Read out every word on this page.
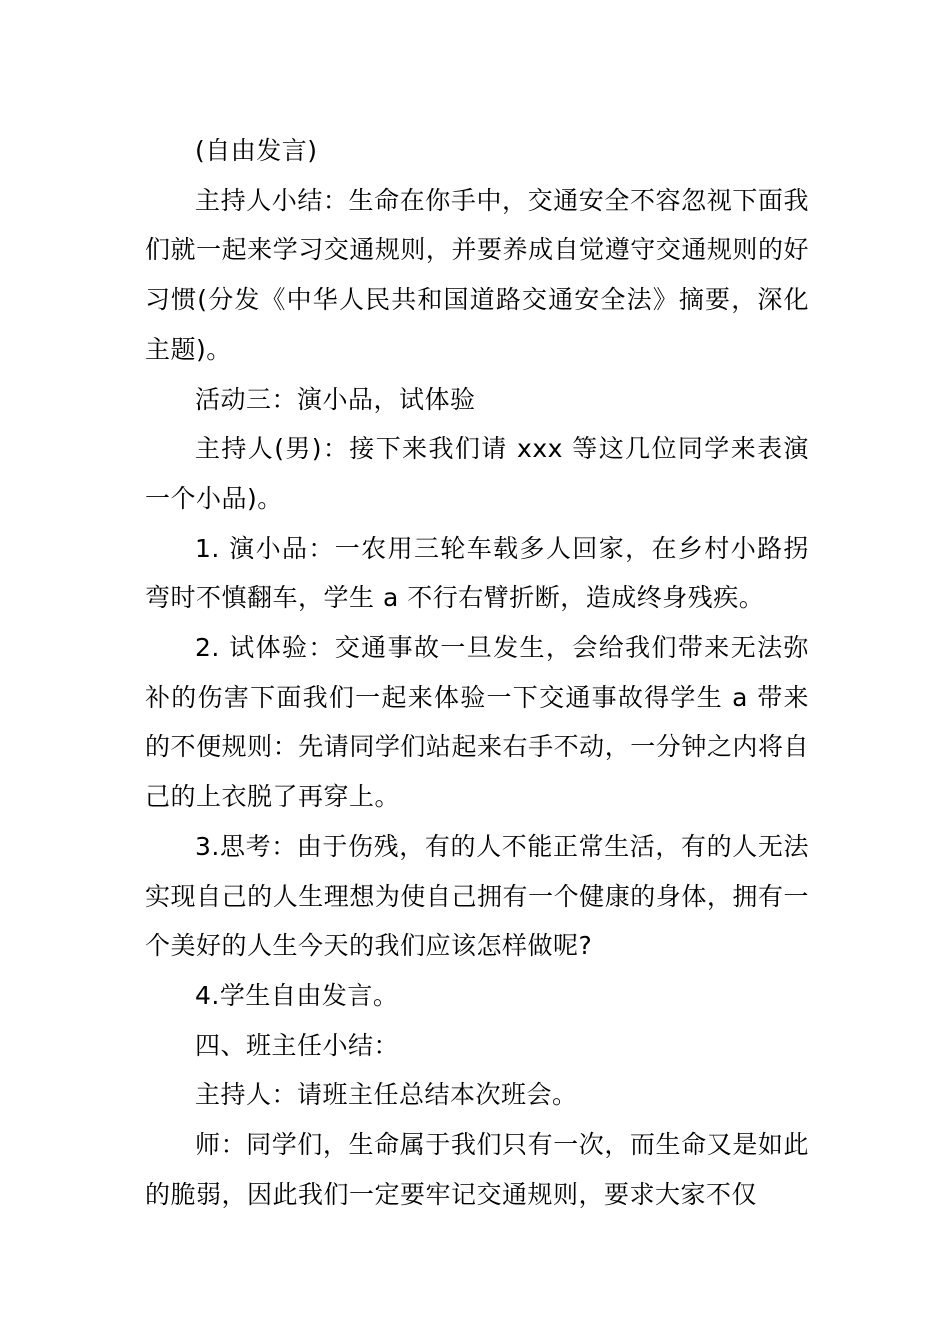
(自由发言)

主持人小结：生命在你手中，交通安全不容忽视下面我们就一起来学习交通规则，并要养成自觉遵守交通规则的好习惯(分发《中华人民共和国道路交通安全法》摘要，深化主题)。

活动三：演小品，试体验

主持人(男)：接下来我们请 xxx 等这几位同学来表演一个小品)。

1. 演小品：一农用三轮车载多人回家，在乡村小路拐弯时不慎翻车，学生 a 不行右臂折断，造成终身残疾。

2. 试体验：交通事故一旦发生，会给我们带来无法弥补的伤害下面我们一起来体验一下交通事故得学生 a 带来的不便规则：先请同学们站起来右手不动，一分钟之内将自己的上衣脱了再穿上。

3.思考：由于伤残，有的人不能正常生活，有的人无法实现自己的人生理想为使自己拥有一个健康的身体，拥有一个美好的人生今天的我们应该怎样做呢?

4.学生自由发言。

四、班主任小结：

主持人：请班主任总结本次班会。

师：同学们，生命属于我们只有一次，而生命又是如此的脆弱，因此我们一定要牢记交通规则，要求大家不仅
